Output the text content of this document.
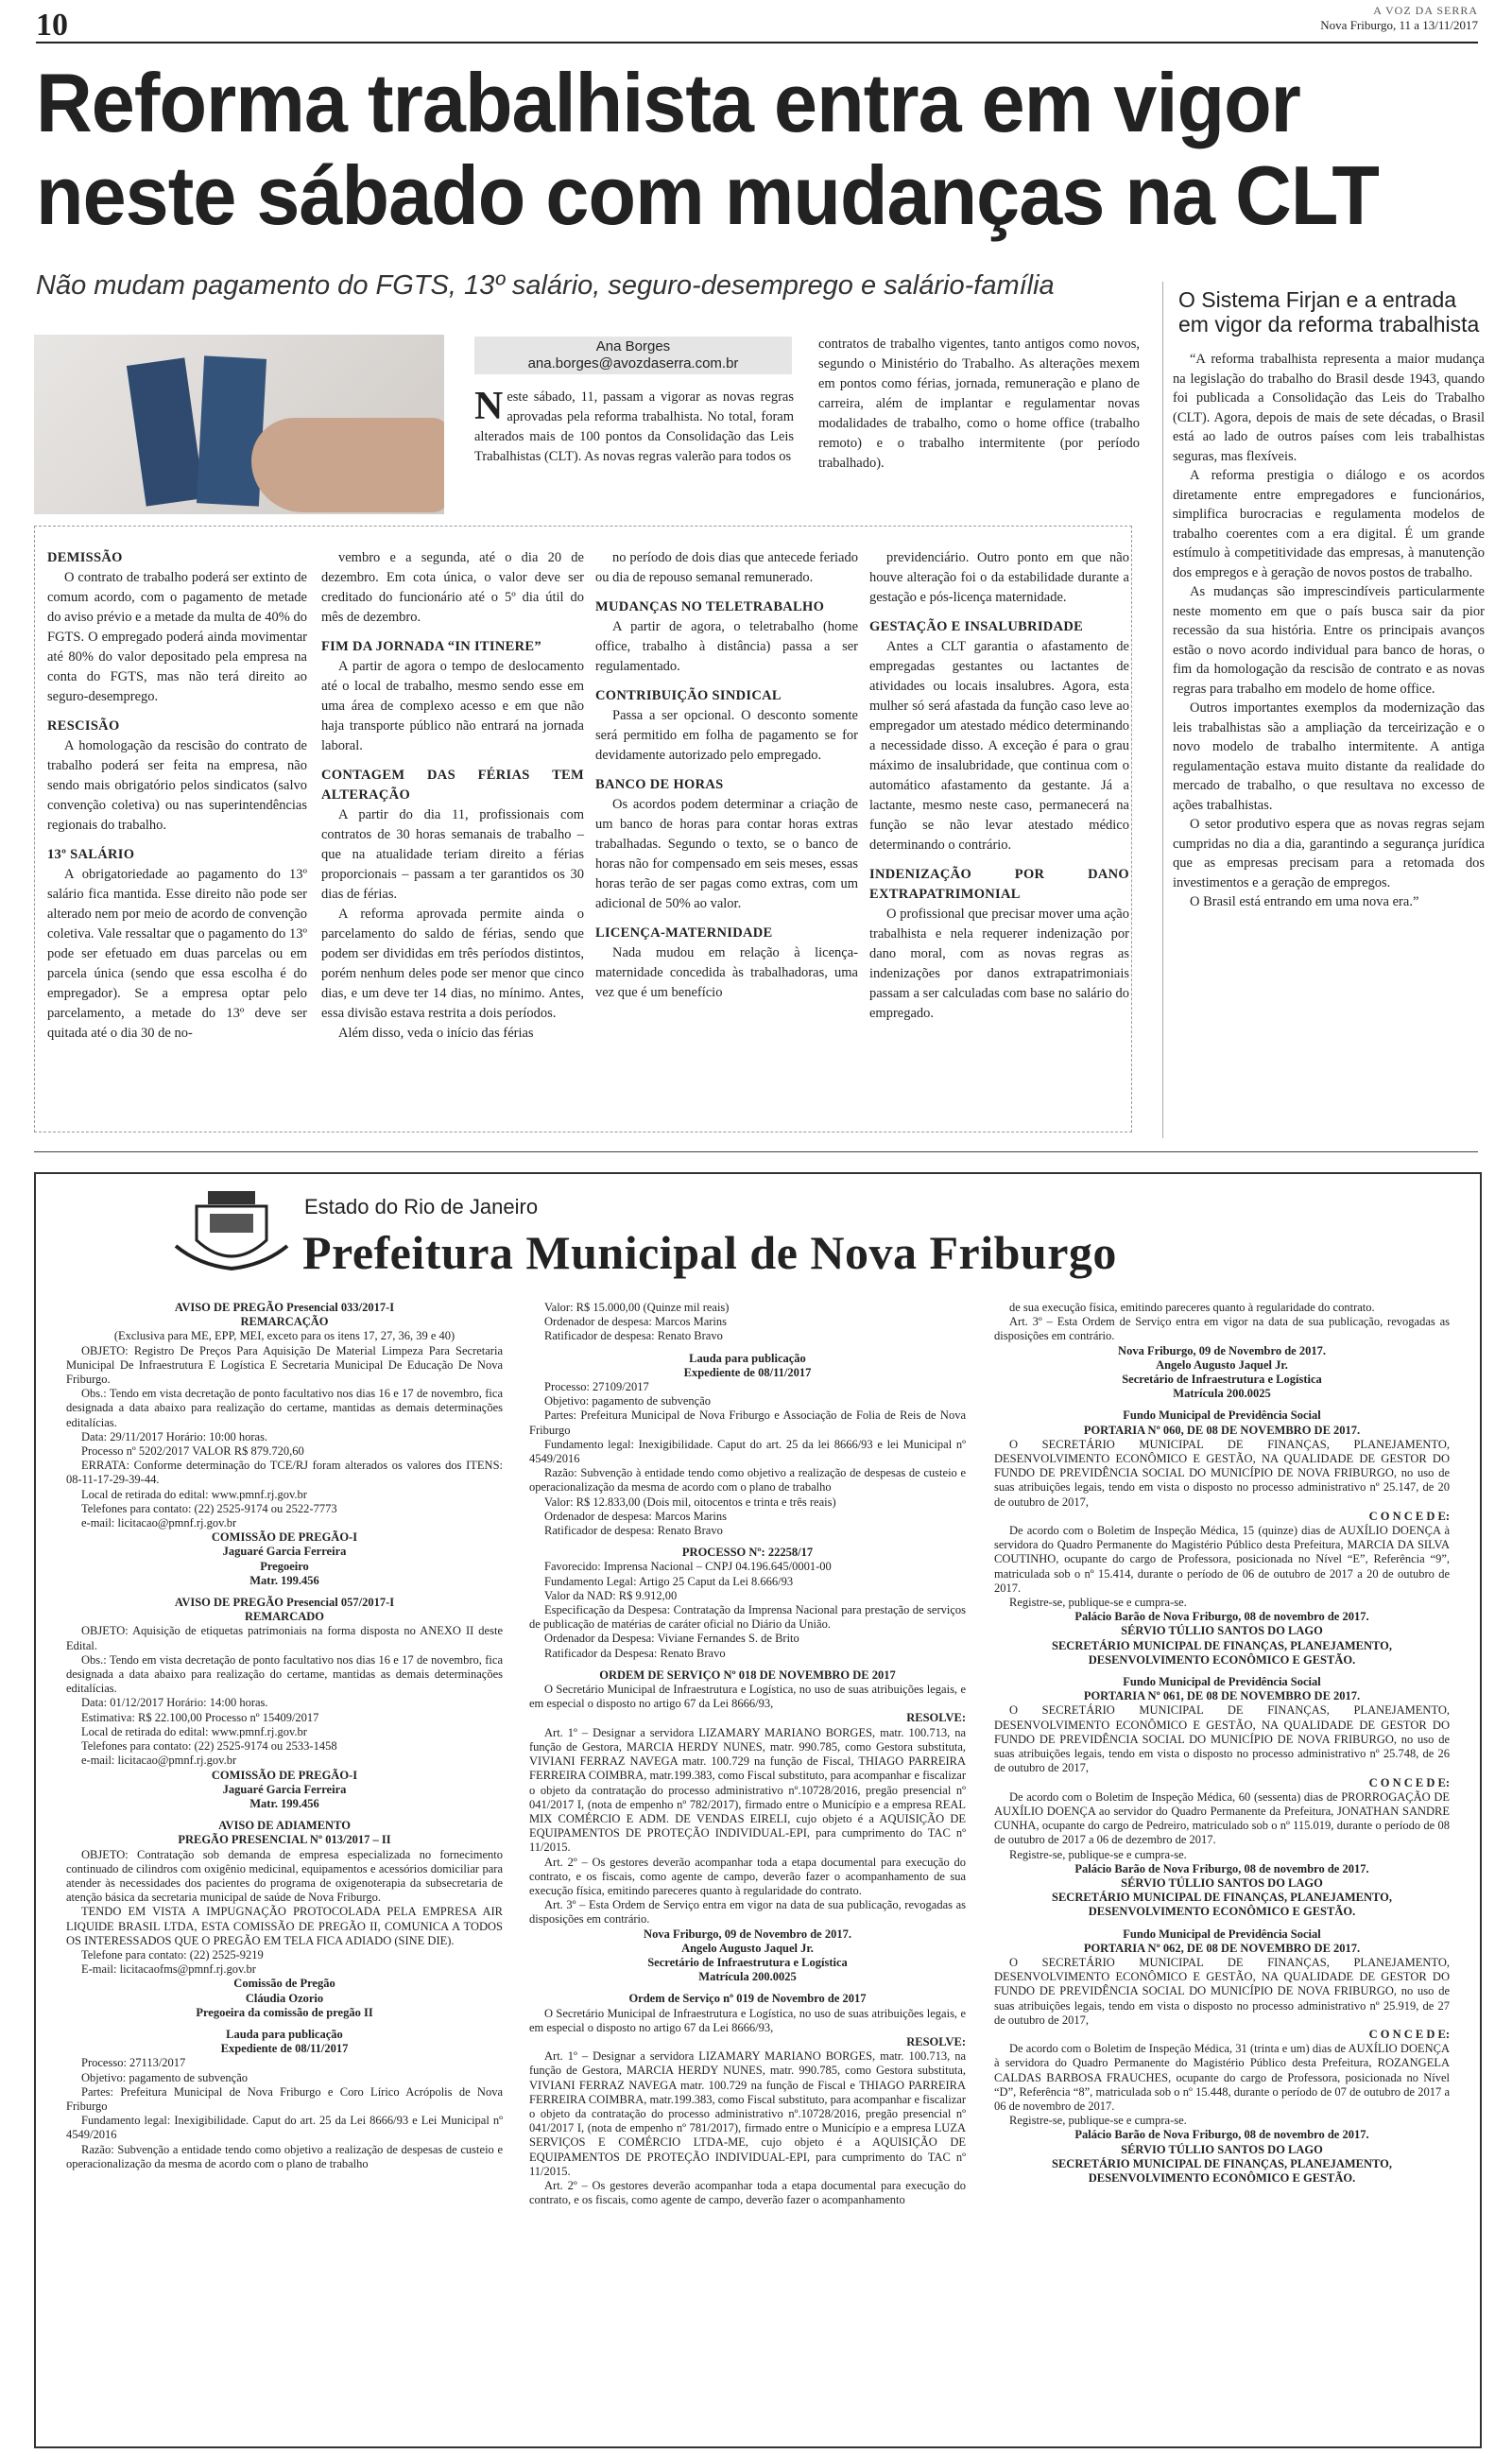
10	A VOZ DA SERRA
Nova Friburgo, 11 a 13/11/2017
Reforma trabalhista entra em vigor neste sábado com mudanças na CLT
Não mudam pagamento do FGTS, 13º salário, seguro-desemprego e salário-família
Ana Borges
ana.borges@avozdaserra.com.br
Neste sábado, 11, passam a vigorar as novas regras aprovadas pela reforma trabalhista. No total, foram alterados mais de 100 pontos da Consolidação das Leis Trabalhistas (CLT). As novas regras valerão para todos os
contratos de trabalho vigentes, tanto antigos como novos, segundo o Ministério do Trabalho. As alterações mexem em pontos como férias, jornada, remuneração e plano de carreira, além de implantar e regulamentar novas modalidades de trabalho, como o home office (trabalho remoto) e o trabalho intermitente (por período trabalhado).
DEMISSÃO

O contrato de trabalho poderá ser extinto de comum acordo, com o pagamento de metade do aviso prévio e a metade da multa de 40% do FGTS. O empregado poderá ainda movimentar até 80% do valor depositado pela empresa na conta do FGTS, mas não terá direito ao seguro-desemprego.

RESCISÃO

A homologação da rescisão do contrato de trabalho poderá ser feita na empresa, não sendo mais obrigatório pelos sindicatos (salvo convenção coletiva) ou nas superintendências regionais do trabalho.

13º SALÁRIO

A obrigatoriedade ao pagamento do 13º salário fica mantida. Esse direito não pode ser alterado nem por meio de acordo de convenção coletiva. Vale ressaltar que o pagamento do 13º pode ser efetuado em duas parcelas ou em parcela única (sendo que essa escolha é do empregador). Se a empresa optar pelo parcelamento, a metade do 13º deve ser quitada até o dia 30 de no-

vembro e a segunda, até o dia 20 de dezembro. Em cota única, o valor deve ser creditado do funcionário até o 5º dia útil do mês de dezembro.

FIM DA JORNADA “IN ITINERE”

A partir de agora o tempo de deslocamento até o local de trabalho, mesmo sendo esse em uma área de complexo acesso e em que não haja transporte público não entrará na jornada laboral.

CONTAGEM DAS FÉRIAS TEM ALTERAÇÃO

A partir do dia 11, profissionais com contratos de 30 horas semanais de trabalho – que na atualidade teriam direito a férias proporcionais – passam a ter garantidos os 30 dias de férias.

A reforma aprovada permite ainda o parcelamento do saldo de férias, sendo que podem ser divididas em três períodos distintos, porém nenhum deles pode ser menor que cinco dias, e um deve ter 14 dias, no mínimo. Antes, essa divisão estava restrita a dois períodos.

Além disso, veda o início das férias

no período de dois dias que antecede feriado ou dia de repouso semanal remunerado.

MUDANÇAS NO TELETRABALHO

A partir de agora, o teletrabalho (home office, trabalho à distância) passa a ser regulamentado.

CONTRIBUIÇÃO SINDICAL

Passa a ser opcional. O desconto somente será permitido em folha de pagamento se for devidamente autorizado pelo empregado.

BANCO DE HORAS

Os acordos podem determinar a criação de um banco de horas para contar horas extras trabalhadas. Segundo o texto, se o banco de horas não for compensado em seis meses, essas horas terão de ser pagas como extras, com um adicional de 50% ao valor.

LICENÇA-MATERNIDADE

Nada mudou em relação à licença-maternidade concedida às trabalhadoras, uma vez que é um benefício

previdenciário. Outro ponto em que não houve alteração foi o da estabilidade durante a gestação e pós-licença maternidade.

GESTAÇÃO E INSALUBRIDADE

Antes a CLT garantia o afastamento de empregadas gestantes ou lactantes de atividades ou locais insalubres. Agora, esta mulher só será afastada da função caso leve ao empregador um atestado médico determinando a necessidade disso. A exceção é para o grau máximo de insalubridade, que continua com o automático afastamento da gestante. Já a lactante, mesmo neste caso, permanecerá na função se não levar atestado médico determinando o contrário.

INDENIZAÇÃO POR DANO EXTRAPATRIMONIAL

O profissional que precisar mover uma ação trabalhista e nela requerer indenização por dano moral, com as novas regras as indenizações por danos extrapatrimoniais passam a ser calculadas com base no salário do empregado.

O Sistema Firjan e a entrada em vigor da reforma trabalhista

“A reforma trabalhista representa a maior mudança na legislação do trabalho do Brasil desde 1943, quando foi publicada a Consolidação das Leis do Trabalho (CLT). Agora, depois de mais de sete décadas, o Brasil está ao lado de outros países com leis trabalhistas seguras, mas flexíveis.

A reforma prestigia o diálogo e os acordos diretamente entre empregadores e funcionários, simplifica burocracias e regulamenta modelos de trabalho coerentes com a era digital. É um grande estímulo à competitividade das empresas, à manutenção dos empregos e à geração de novos postos de trabalho.

As mudanças são imprescindíveis particularmente neste momento em que o país busca sair da pior recessão da sua história. Entre os principais avanços estão o novo acordo individual para banco de horas, o fim da homologação da rescisão de contrato e as novas regras para trabalho em modelo de home office.

Outros importantes exemplos da modernização das leis trabalhistas são a ampliação da terceirização e o novo modelo de trabalho intermitente. A antiga regulamentação estava muito distante da realidade do mercado de trabalho, o que resultava no excesso de ações trabalhistas.

O setor produtivo espera que as novas regras sejam cumpridas no dia a dia, garantindo a segurança jurídica que as empresas precisam para a retomada dos investimentos e a geração de empregos.

O Brasil está entrando em uma nova era.”

Estado do Rio de Janeiro
Prefeitura Municipal de Nova Friburgo

AVISO DE PREGÃO Presencial 033/2017-I

REMARCAÇÃO

(Exclusiva para ME, EPP, MEI, exceto para os itens 17, 27, 36, 39 e 40)

OBJETO: Registro De Preços Para Aquisição De Material Limpeza Para Secretaria Municipal De Infraestrutura E Logística E Secretaria Municipal De Educação De Nova Friburgo.

Obs.: Tendo em vista decretação de ponto facultativo nos dias 16 e 17 de novembro, fica designada a data abaixo para realização do certame, mantidas as demais determinações editalícias.

Data: 29/11/2017 Horário: 10:00 horas.

Processo nº 5202/2017 VALOR R$ 879.720,60

ERRATA: Conforme determinação do TCE/RJ foram alterados os valores dos ITENS: 08-11-17-29-39-44.

Local de retirada do edital: www.pmnf.rj.gov.br

Telefones para contato: (22) 2525-9174 ou 2522-7773

e-mail: licitacao@pmnf.rj.gov.br

COMISSÃO DE PREGÃO-I

Jaguaré Garcia Ferreira

Pregoeiro

Matr. 199.456

AVISO DE PREGÃO Presencial 057/2017-I

REMARCADO

OBJETO: Aquisição de etiquetas patrimoniais na forma disposta no ANEXO II deste Edital.

Obs.: Tendo em vista decretação de ponto facultativo nos dias 16 e 17 de novembro, fica designada a data abaixo para realização do certame, mantidas as demais determinações editalícias.

Data: 01/12/2017 Horário: 14:00 horas.

Estimativa: R$ 22.100,00 Processo nº 15409/2017

Local de retirada do edital: www.pmnf.rj.gov.br

Telefones para contato: (22) 2525-9174 ou 2533-1458

e-mail: licitacao@pmnf.rj.gov.br

COMISSÃO DE PREGÃO-I

Jaguaré Garcia Ferreira

Matr. 199.456

AVISO DE ADIAMENTO

PREGÃO PRESENCIAL Nº 013/2017 – II

OBJETO: Contratação sob demanda de empresa especializada no fornecimento continuado de cilindros com oxigênio medicinal, equipamentos e acessórios domiciliar para atender às necessidades dos pacientes do programa de oxigenoterapia da subsecretaria de atenção básica da secretaria municipal de saúde de Nova Friburgo.

TENDO EM VISTA A IMPUGNAÇÃO PROTOCOLADA PELA EMPRESA AIR LIQUIDE BRASIL LTDA, ESTA COMISSÃO DE PREGÃO II, COMUNICA A TODOS OS INTERESSADOS QUE O PREGÃO EM TELA FICA ADIADO (SINE DIE).

Telefone para contato: (22) 2525-9219

E-mail: licitacaofms@pmnf.rj.gov.br

Comissão de Pregão

Cláudia Ozorio

Pregoeira da comissão de pregão II

Lauda para publicação

Expediente de 08/11/2017

Processo: 27113/2017

Objetivo: pagamento de subvenção

Partes: Prefeitura Municipal de Nova Friburgo e Coro Lírico Acrópolis de Nova Friburgo

Fundamento legal: Inexigibilidade. Caput do art. 25 da Lei 8666/93 e Lei Municipal nº 4549/2016

Razão: Subvenção a entidade tendo como objetivo a realização de despesas de custeio e operacionalização da mesma de acordo com o plano de trabalho

Valor: R$ 15.000,00 (Quinze mil reais)

Ordenador de despesa: Marcos Marins

Ratificador de despesa: Renato Bravo

Lauda para publicação

Expediente de 08/11/2017

Processo: 27109/2017

Objetivo: pagamento de subvenção

Partes: Prefeitura Municipal de Nova Friburgo e Associação de Folia de Reis de Nova Friburgo

Fundamento legal: Inexigibilidade. Caput do art. 25 da lei 8666/93 e lei Municipal nº 4549/2016

Razão: Subvenção à entidade tendo como objetivo a realização de despesas de custeio e operacionalização da mesma de acordo com o plano de trabalho

Valor: R$ 12.833,00 (Dois mil, oitocentos e trinta e três reais)

Ordenador de despesa: Marcos Marins

Ratificador de despesa: Renato Bravo

PROCESSO Nº: 22258/17

Favorecido: Imprensa Nacional – CNPJ 04.196.645/0001-00

Fundamento Legal: Artigo 25 Caput da Lei 8.666/93

Valor da NAD: R$ 9.912,00

Especificação da Despesa: Contratação da Imprensa Nacional para prestação de serviços de publicação de matérias de caráter oficial no Diário da União.

Ordenador da Despesa: Viviane Fernandes S. de Brito

Ratificador da Despesa: Renato Bravo

ORDEM DE SERVIÇO Nº 018 DE NOVEMBRO DE 2017

O Secretário Municipal de Infraestrutura e Logística, no uso de suas atribuições legais, e em especial o disposto no artigo 67 da Lei 8666/93,

RESOLVE:

Art. 1º – Designar a servidora LIZAMARY MARIANO BORGES, matr. 100.713, na função de Gestora, MARCIA HERDY NUNES, matr. 990.785, como Gestora substituta, VIVIANI FERRAZ NAVEGA matr. 100.729 na função de Fiscal, THIAGO PARREIRA FERREIRA COIMBRA, matr.199.383, como Fiscal substituto, para acompanhar e fiscalizar o objeto da contratação do processo administrativo nº.10728/2016, pregão presencial nº 041/2017 I, (nota de empenho nº 782/2017), firmado entre o Município e a empresa REAL MIX COMÉRCIO E ADM. DE VENDAS EIRELI, cujo objeto é a AQUISIÇÃO DE EQUIPAMENTOS DE PROTEÇÃO INDIVIDUAL-EPI, para cumprimento do TAC nº 11/2015.

Art. 2º – Os gestores deverão acompanhar toda a etapa documental para execução do contrato, e os fiscais, como agente de campo, deverão fazer o acompanhamento de sua execução física, emitindo pareceres quanto à regularidade do contrato.

Art. 3º – Esta Ordem de Serviço entra em vigor na data de sua publicação, revogadas as disposições em contrário.

Nova Friburgo, 09 de Novembro de 2017.

Angelo Augusto Jaquel Jr.

Secretário de Infraestrutura e Logística

Matrícula 200.0025

Ordem de Serviço nº 019 de Novembro de 2017

O Secretário Municipal de Infraestrutura e Logística, no uso de suas atribuições legais, e em especial o disposto no artigo 67 da Lei 8666/93,

RESOLVE:

Art. 1º – Designar a servidora LIZAMARY MARIANO BORGES, matr. 100.713, na função de Gestora, MARCIA HERDY NUNES, matr. 990.785, como Gestora substituta, VIVIANI FERRAZ NAVEGA matr. 100.729 na função de Fiscal e THIAGO PARREIRA FERREIRA COIMBRA, matr.199.383, como Fiscal substituto, para acompanhar e fiscalizar o objeto da contratação do processo administrativo nº.10728/2016, pregão presencial nº 041/2017 I, (nota de empenho nº 781/2017), firmado entre o Município e a empresa LUZA SERVIÇOS E COMÉRCIO LTDA-ME, cujo objeto é a AQUISIÇÃO DE EQUIPAMENTOS DE PROTEÇÃO INDIVIDUAL-EPI, para cumprimento do TAC nº 11/2015.

Art. 2º – Os gestores deverão acompanhar toda a etapa documental para execução do contrato, e os fiscais, como agente de campo, deverão fazer o acompanhamento

de sua execução física, emitindo pareceres quanto à regularidade do contrato.

Art. 3º – Esta Ordem de Serviço entra em vigor na data de sua publicação, revogadas as disposições em contrário.

Nova Friburgo, 09 de Novembro de 2017.

Angelo Augusto Jaquel Jr.

Secretário de Infraestrutura e Logística

Matrícula 200.0025

Fundo Municipal de Previdência Social

PORTARIA Nº 060, DE 08 DE NOVEMBRO DE 2017.

O SECRETÁRIO MUNICIPAL DE FINANÇAS, PLANEJAMENTO, DESENVOLVIMENTO ECONÔMICO E GESTÃO, NA QUALIDADE DE GESTOR DO FUNDO DE PREVIDÊNCIA SOCIAL DO MUNICÍPIO DE NOVA FRIBURGO, no uso de suas atribuições legais, tendo em vista o disposto no processo administrativo nº 25.147, de 20 de outubro de 2017,

C O N C E D E:

De acordo com o Boletim de Inspeção Médica, 15 (quinze) dias de AUXÍLIO DOENÇA à servidora do Quadro Permanente do Magistério Público desta Prefeitura, MARCIA DA SILVA COUTINHO, ocupante do cargo de Professora, posicionada no Nível “E”, Referência “9”, matriculada sob o nº 15.414, durante o período de 06 de outubro de 2017 a 20 de outubro de 2017.

Registre-se, publique-se e cumpra-se.

Palácio Barão de Nova Friburgo, 08 de novembro de 2017.

SÉRVIO TÚLLIO SANTOS DO LAGO

SECRETÁRIO MUNICIPAL DE FINANÇAS, PLANEJAMENTO, DESENVOLVIMENTO ECONÔMICO E GESTÃO.

Fundo Municipal de Previdência Social

PORTARIA Nº 061, DE 08 DE NOVEMBRO DE 2017.

O SECRETÁRIO MUNICIPAL DE FINANÇAS, PLANEJAMENTO, DESENVOLVIMENTO ECONÔMICO E GESTÃO, NA QUALIDADE DE GESTOR DO FUNDO DE PREVIDÊNCIA SOCIAL DO MUNICÍPIO DE NOVA FRIBURGO, no uso de suas atribuições legais, tendo em vista o disposto no processo administrativo nº 25.748, de 26 de outubro de 2017,

C O N C E D E:

De acordo com o Boletim de Inspeção Médica, 60 (sessenta) dias de PRORROGAÇÃO DE AUXÍLIO DOENÇA ao servidor do Quadro Permanente da Prefeitura, JONATHAN SANDRE CUNHA, ocupante do cargo de Pedreiro, matriculado sob o nº 115.019, durante o período de 08 de outubro de 2017 a 06 de dezembro de 2017.

Registre-se, publique-se e cumpra-se.

Palácio Barão de Nova Friburgo, 08 de novembro de 2017.

SÉRVIO TÚLLIO SANTOS DO LAGO

SECRETÁRIO MUNICIPAL DE FINANÇAS, PLANEJAMENTO, DESENVOLVIMENTO ECONÔMICO E GESTÃO.

Fundo Municipal de Previdência Social

PORTARIA Nº 062, DE 08 DE NOVEMBRO DE 2017.

O SECRETÁRIO MUNICIPAL DE FINANÇAS, PLANEJAMENTO, DESENVOLVIMENTO ECONÔMICO E GESTÃO, NA QUALIDADE DE GESTOR DO FUNDO DE PREVIDÊNCIA SOCIAL DO MUNICÍPIO DE NOVA FRIBURGO, no uso de suas atribuições legais, tendo em vista o disposto no processo administrativo nº 25.919, de 27 de outubro de 2017,

C O N C E D E:

De acordo com o Boletim de Inspeção Médica, 31 (trinta e um) dias de AUXÍLIO DOENÇA à servidora do Quadro Permanente do Magistério Público desta Prefeitura, ROZANGELA CALDAS BARBOSA FRAUCHES, ocupante do cargo de Professora, posicionada no Nível “D”, Referência “8”, matriculada sob o nº 15.448, durante o período de 07 de outubro de 2017 a 06 de novembro de 2017.

Registre-se, publique-se e cumpra-se.

Palácio Barão de Nova Friburgo, 08 de novembro de 2017.

SÉRVIO TÚLLIO SANTOS DO LAGO

SECRETÁRIO MUNICIPAL DE FINANÇAS, PLANEJAMENTO, DESENVOLVIMENTO ECONÔMICO E GESTÃO.
